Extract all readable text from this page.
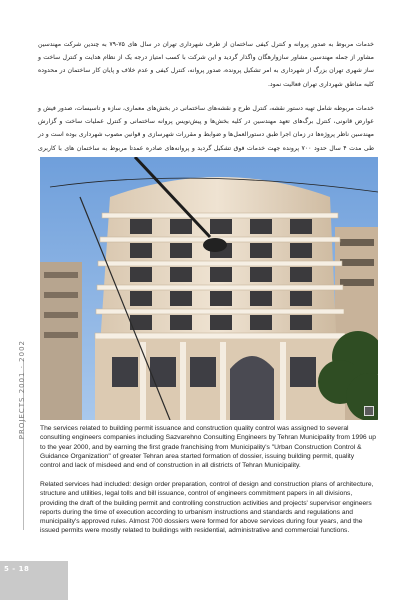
PROJECTS 2001 · 2002
خدمات مربوط به صدور پروانه و کنترل کیفی ساختمان از طرف شهرداری تهران در سال های ۷۵-۷۹ به چندین شرکت مهندسین مشاور از جمله مهندسین مشاور سازوارهگان واگذار گردید و این شرکت با کسب امتیاز درجه یک از نظام هدایت و کنترل ساخت و ساز شهری تهران بزرگ از شهرداری به امر تشکیل پرونده، صدور پروانه، کنترل کیفی و عدم خلاف و پایان کار ساختمان در محدوده کلیه مناطق شهرداری تهران فعالیت نمود.
خدمات مربوطه شامل تهیه دستور نقشه، کنترل طرح و نقشه‌های ساختمانی در بخش‌های معماری، سازه و تاسیسات، صدور فیش و عوارض قانونی، کنترل برگ‌های تعهد مهندسین در کلیه بخش‌ها و پیش‌نویس پروانه ساختمانی و کنترل عملیات ساخت و گزارش مهندسین ناظر پروژه‌ها در زمان اجرا طبق دستورالعمل‌ها و ضوابط و مقررات شهرسازی و قوانین مصوب شهرداری بوده است و در طی مدت ۴ سال حدود ۷۰۰ پرونده جهت خدمات فوق تشکیل گردید و پروانه‌های صادره عمدتا مربوط به ساختمان های با کاربری
The services related to building permit issuance and construction quality control was assigned to several consulting engineers companies including Sazvarehno Consulting Engineers by Tehran Municipality from 1996 up to the year 2000, and by earning the first grade franchising from Municipality's "Urban Construction Control & Guidance Organization" of greater Tehran area started formation of dossier, issuing building permit, quality control and lack of misdeed and end of construction in all districts of Tehran Municipality.
Related services had included: design order preparation, control of design and construction plans of architecture, structure and utilities, legal tolls and bill issuance, control of engineers commitment papers in all divisions, providing the draft of the building permit and controlling construction activities and projects' supervisor engineers reports during the time of execution according to urbanism instructions and standards and regulations and municipality's approved rules. Almost 700 dossiers were formed for above services during four years, and the issued permits were mostly related to buildings with residential, administrative and commercial functions.
5 - 18
